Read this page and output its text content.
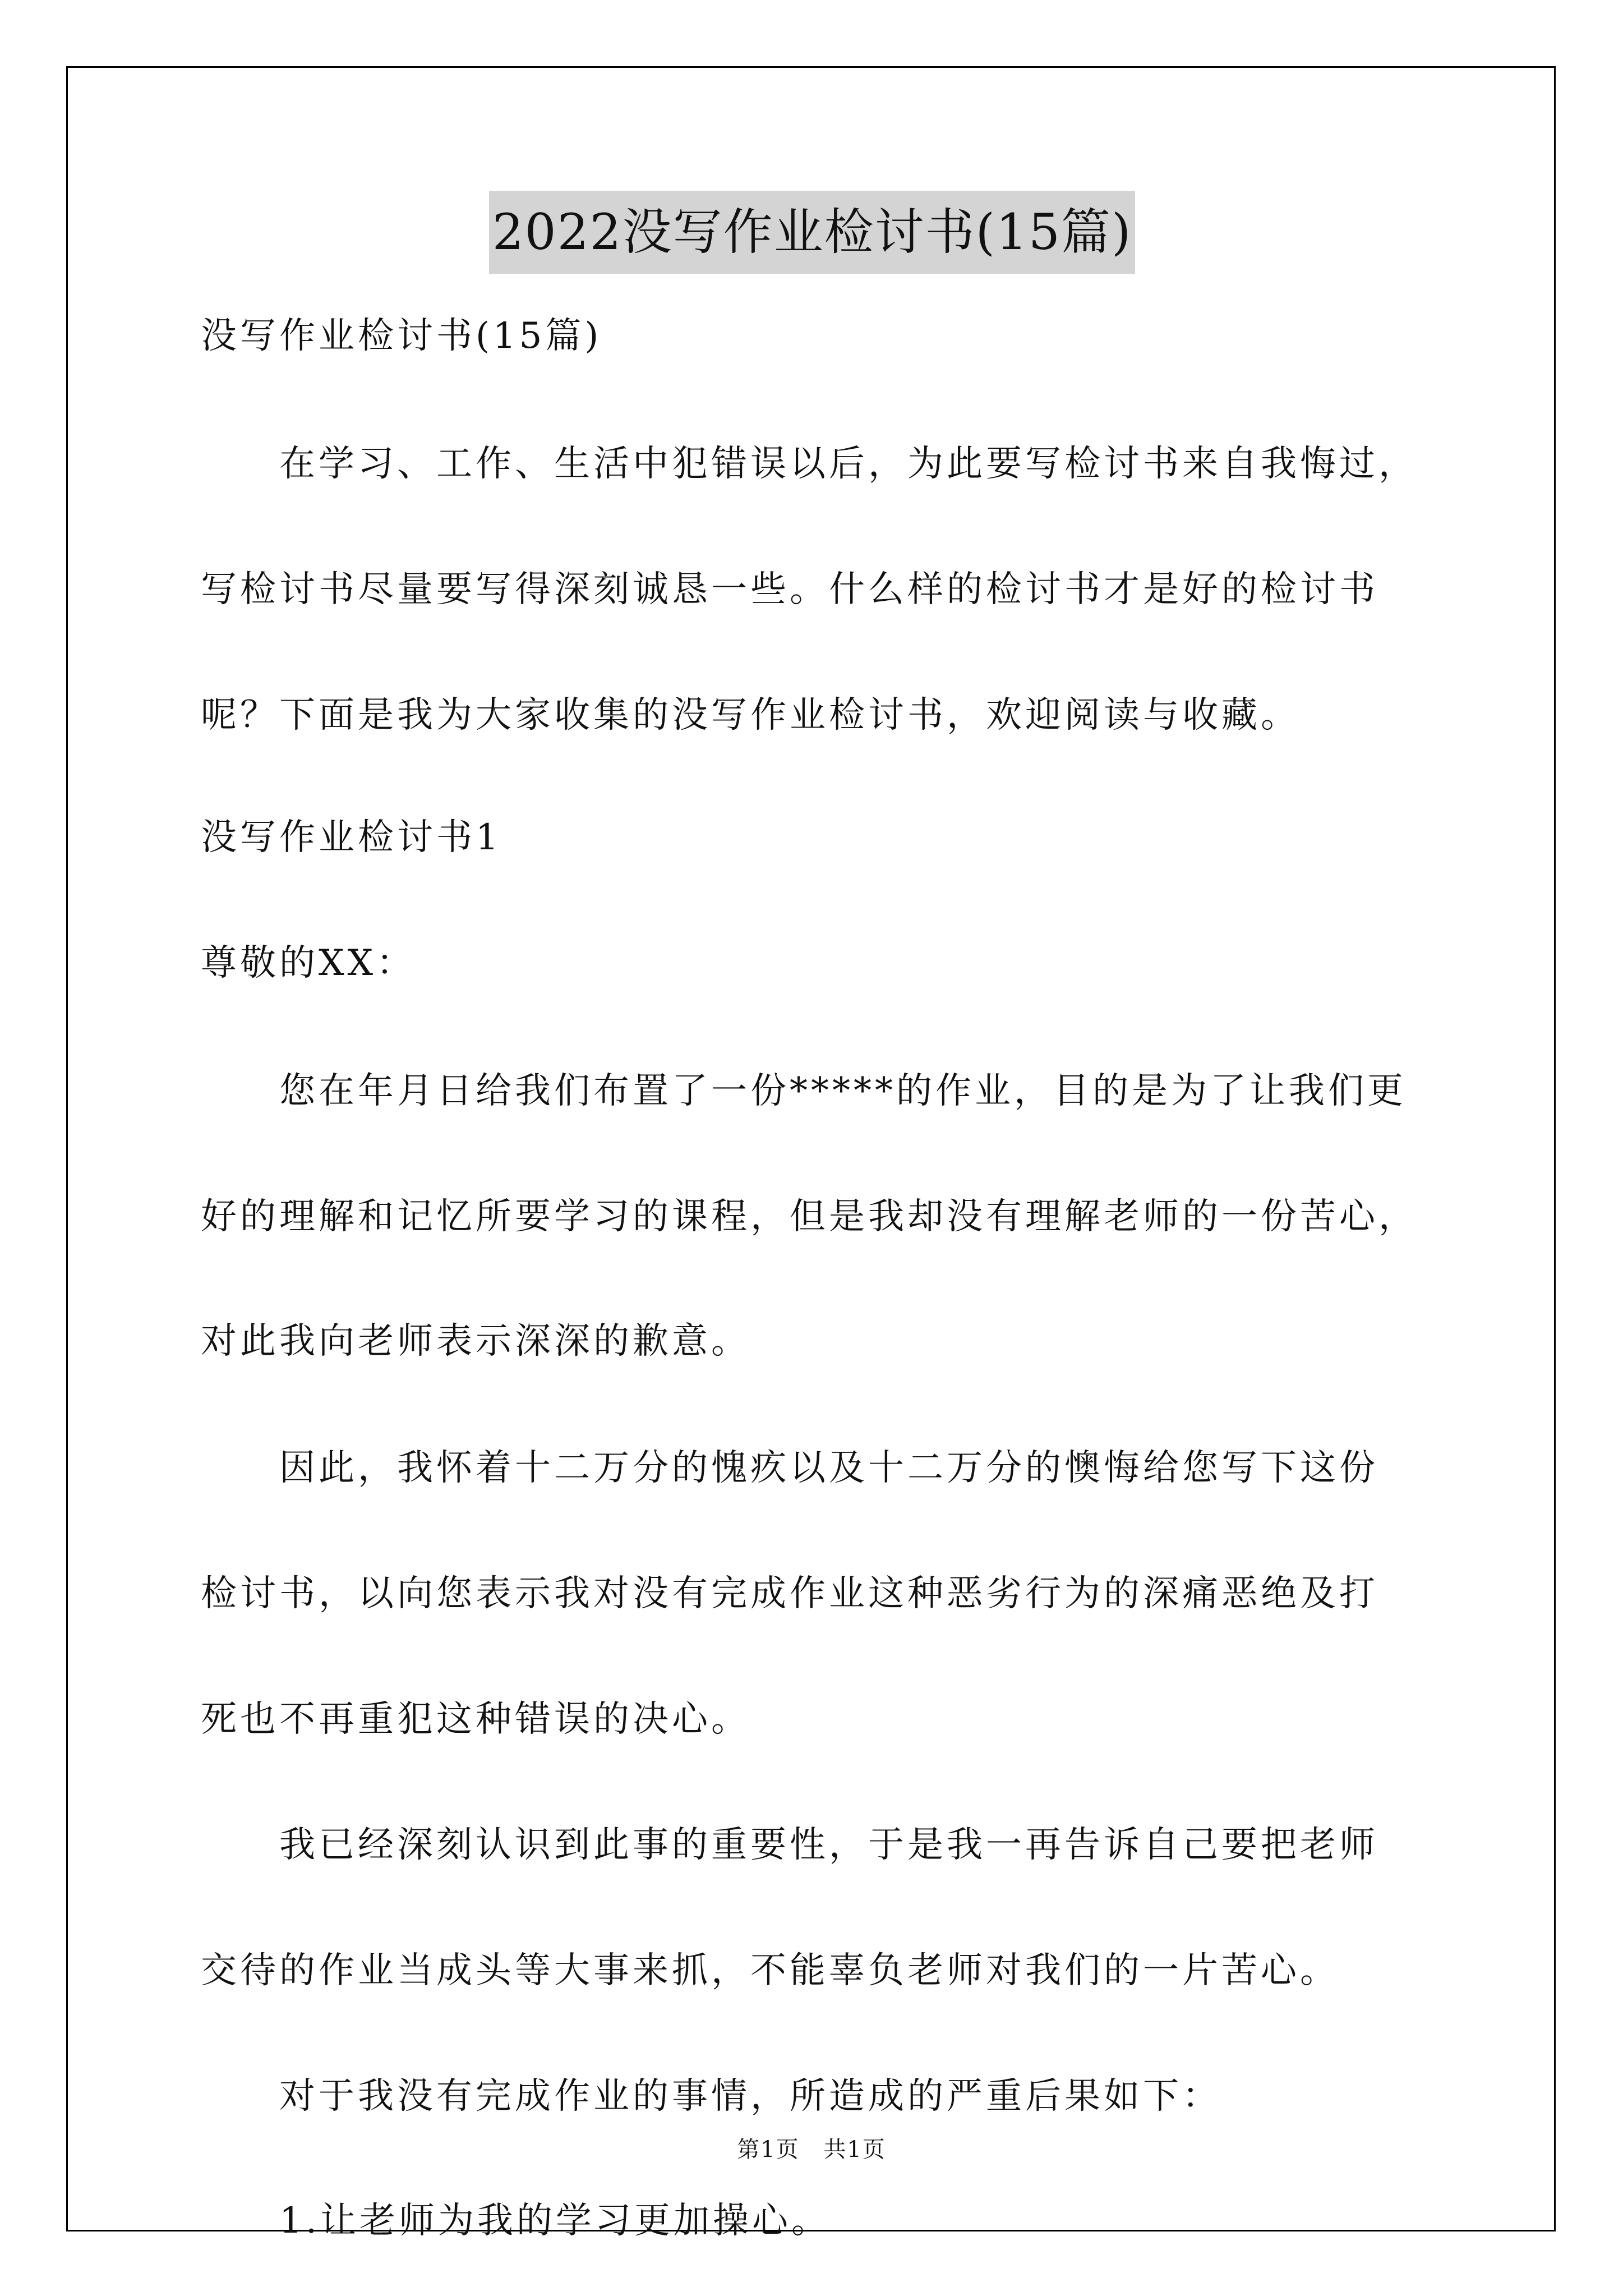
2022没写作业检讨书(15篇)
没写作业检讨书(15篇)
在学习、工作、生活中犯错误以后，为此要写检讨书来自我悔过，
写检讨书尽量要写得深刻诚恳一些。什么样的检讨书才是好的检讨书
呢？下面是我为大家收集的没写作业检讨书，欢迎阅读与收藏。
没写作业检讨书1
尊敬的XX：
您在年月日给我们布置了一份*****的作业，目的是为了让我们更
好的理解和记忆所要学习的课程，但是我却没有理解老师的一份苦心，
对此我向老师表示深深的歉意。
因此，我怀着十二万分的愧疚以及十二万分的懊悔给您写下这份
检讨书，以向您表示我对没有完成作业这种恶劣行为的深痛恶绝及打
死也不再重犯这种错误的决心。
我已经深刻认识到此事的重要性，于是我一再告诉自己要把老师
交待的作业当成头等大事来抓，不能辜负老师对我们的一片苦心。
对于我没有完成作业的事情，所造成的严重后果如下：
1.让老师为我的学习更加操心。
第1页 共1页
